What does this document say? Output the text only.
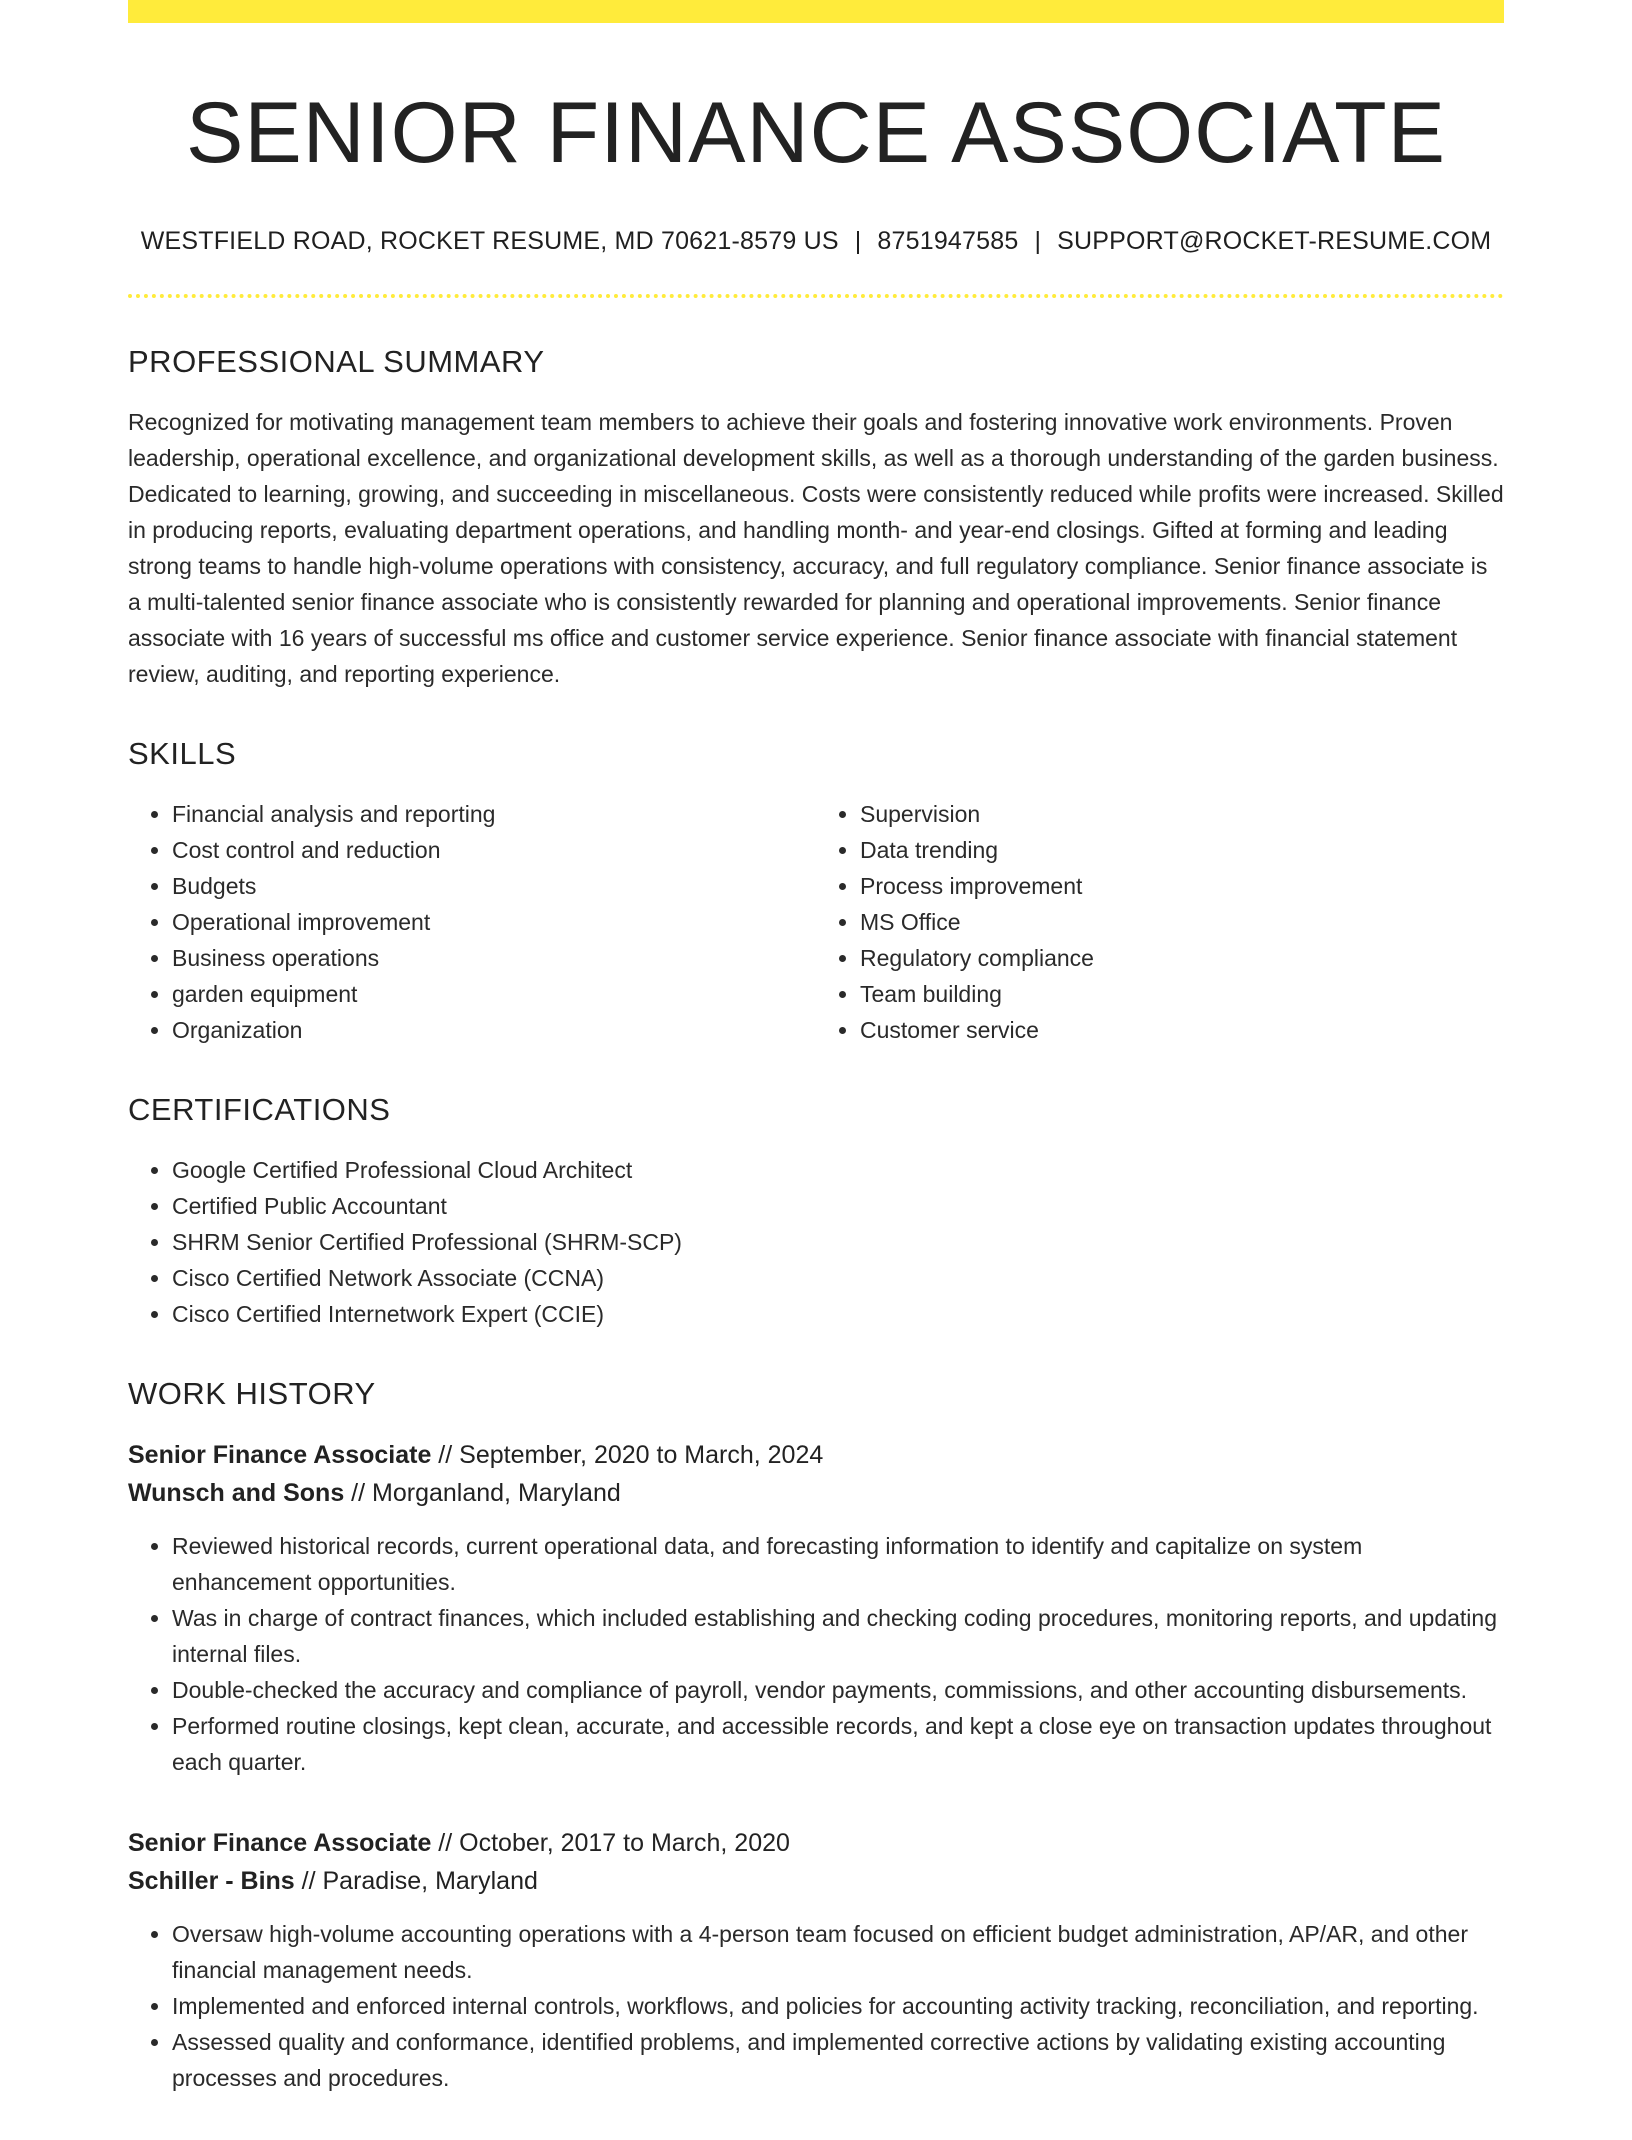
SENIOR FINANCE ASSOCIATE
WESTFIELD ROAD, ROCKET RESUME, MD 70621-8579 US | 8751947585 | SUPPORT@ROCKET-RESUME.COM
PROFESSIONAL SUMMARY

Recognized for motivating management team members to achieve their goals and fostering innovative work environments. Proven leadership, operational excellence, and organizational development skills, as well as a thorough understanding of the garden business. Dedicated to learning, growing, and succeeding in miscellaneous. Costs were consistently reduced while profits were increased. Skilled in producing reports, evaluating department operations, and handling month- and year-end closings. Gifted at forming and leading strong teams to handle high-volume operations with consistency, accuracy, and full regulatory compliance. Senior finance associate is a multi-talented senior finance associate who is consistently rewarded for planning and operational improvements. Senior finance associate with 16 years of successful ms office and customer service experience. Senior finance associate with financial statement review, auditing, and reporting experience.

SKILLS
• Financial analysis and reporting
• Cost control and reduction
• Budgets
• Operational improvement
• Business operations
• garden equipment
• Organization
• Supervision
• Data trending
• Process improvement
• MS Office
• Regulatory compliance
• Team building
• Customer service
CERTIFICATIONS
• Google Certified Professional Cloud Architect
• Certified Public Accountant
• SHRM Senior Certified Professional (SHRM-SCP)
• Cisco Certified Network Associate (CCNA)
• Cisco Certified Internetwork Expert (CCIE)
WORK HISTORY
Senior Finance Associate // September, 2020 to March, 2024
Wunsch and Sons // Morganland, Maryland
• Reviewed historical records, current operational data, and forecasting information to identify and capitalize on system enhancement opportunities.
• Was in charge of contract finances, which included establishing and checking coding procedures, monitoring reports, and updating internal files.
• Double-checked the accuracy and compliance of payroll, vendor payments, commissions, and other accounting disbursements.
• Performed routine closings, kept clean, accurate, and accessible records, and kept a close eye on transaction updates throughout each quarter.
Senior Finance Associate // October, 2017 to March, 2020
Schiller - Bins // Paradise, Maryland
• Oversaw high-volume accounting operations with a 4-person team focused on efficient budget administration, AP/AR, and other financial management needs.
• Implemented and enforced internal controls, workflows, and policies for accounting activity tracking, reconciliation, and reporting.
• Assessed quality and conformance, identified problems, and implemented corrective actions by validating existing accounting processes and procedures.
